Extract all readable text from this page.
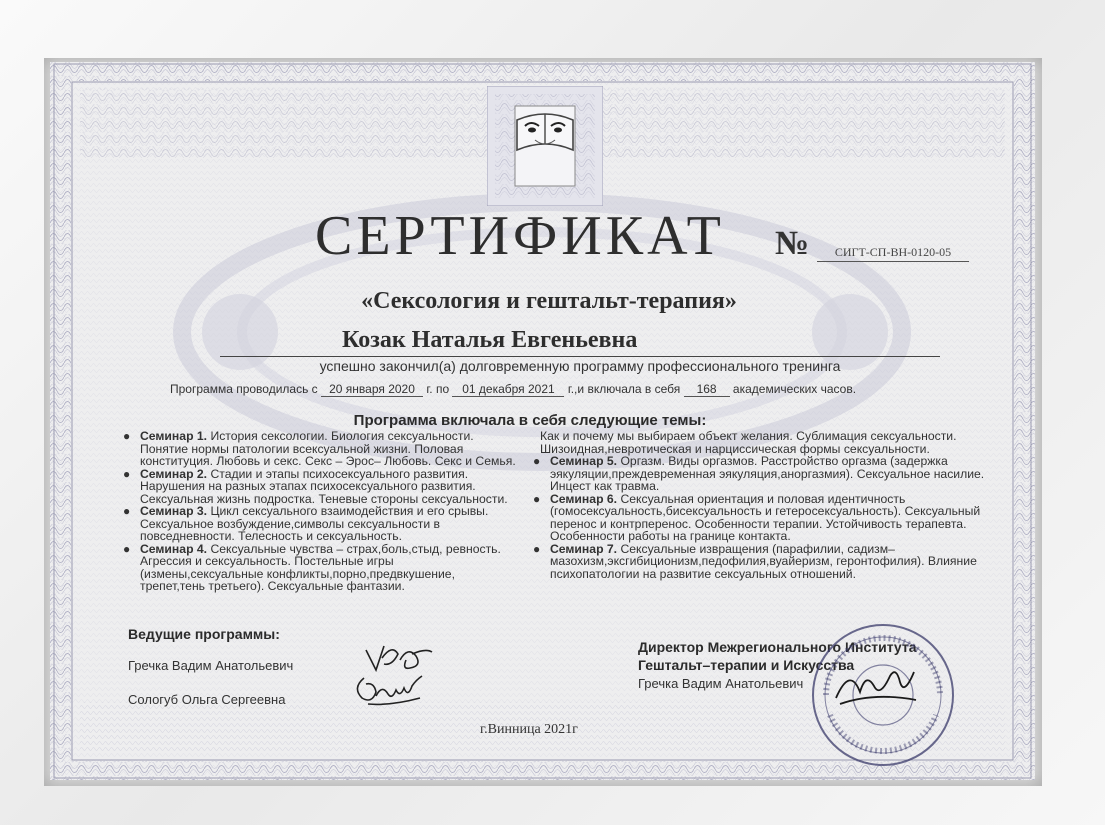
СЕРТИФИКАТ №	СИГТ-СП-ВН-0120-05
«Сексология и гештальт-терапия»
Козак Наталья Евгеньевна
успешно закончил(а) долговременную программу профессионального тренинга
Программа проводилась с 20 января 2020 г. по 01 декабря 2021 г.,и включала в себя 168 академических часов.
Программа включала в себя следующие темы:

● Семинар 1. История сексологии. Биология сексуальности. Понятие нормы патологии всексуальной жизни. Половая конституция. Любовь и секс. Секс – Эрос– Любовь. Секс и Семья.

● Семинар 2. Стадии и этапы психосексуального развития. Нарушения на разных этапах психосексуального развития. Сексуальная жизнь подростка. Теневые стороны сексуальности.

● Семинар 3. Цикл сексуального взаимодействия и его срывы. Сексуальное возбуждение,символы сексуальности в повседневности. Телесность и сексуальность.

● Семинар 4. Сексуальные чувства – страх,боль,стыд, ревность. Агрессия и сексуальность. Постельные игры (измены,сексуальные конфликты,порно,предвкушение, трепет,тень третьего). Сексуальные фантазии.

Как и почему мы выбираем объект желания. Сублимация сексуальности. Шизоидная,невротическая и нарциссическая формы сексуальности.

● Семинар 5. Оргазм. Виды оргазмов. Расстройство оргазма (задержка эякуляции,преждевременная эякуляция,аноргазмия). Сексуальное насилие. Инцест как травма.

● Семинар 6. Сексуальная ориентация и половая идентичность (гомосексуальность,бисексуальность и гетеросексуальность). Сексуальный перенос и контрперенос. Особенности терапии. Устойчивость терапевта. Особенности работы на границе контакта.

● Семинар 7. Сексуальные извращения (парафилии, садизм–мазохизм,эксгибиционизм,педофилия,вуайеризм, геронтофилия). Влияние психопатологии на развитие сексуальных отношений.

Ведущие программы:
Гречка Вадим Анатольевич
Сологуб Ольга Сергеевна
Директор Межрегионального Института
Гештальт–терапии и Искусства
Гречка Вадим Анатольевич
г.Винница 2021г
